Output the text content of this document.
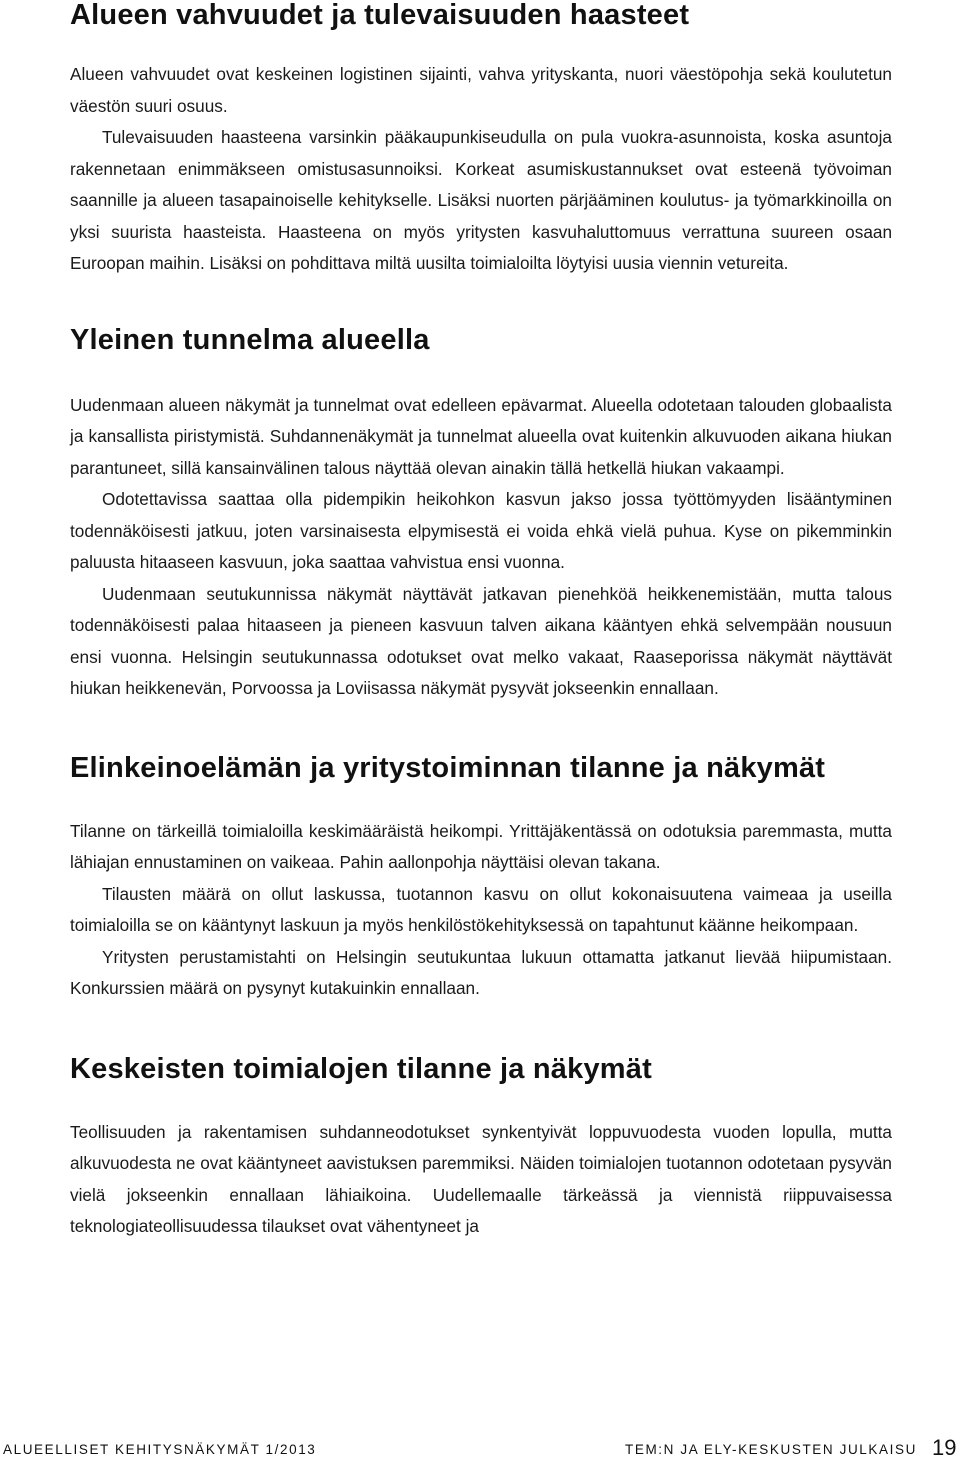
Alueen vahvuudet ja tulevaisuuden haasteet

Alueen vahvuudet ovat keskeinen logistinen sijainti, vahva yrityskanta, nuori väestöpohja sekä koulutetun väestön suuri osuus.

Tulevaisuuden haasteena varsinkin pääkaupunkiseudulla on pula vuokra-asunnoista, koska asuntoja rakennetaan enimmäkseen omistusasunnoiksi. Korkeat asumiskustannukset ovat esteenä työvoiman saannille ja alueen tasapainoiselle kehitykselle. Lisäksi nuorten pärjääminen koulutus- ja työmarkkinoilla on yksi suurista haasteista. Haasteena on myös yritysten kasvuhaluttomuus verrattuna suureen osaan Euroopan maihin. Lisäksi on pohdittava miltä uusilta toimialoilta löytyisi uusia viennin vetureita.

Yleinen tunnelma alueella

Uudenmaan alueen näkymät ja tunnelmat ovat edelleen epävarmat. Alueella odotetaan talouden globaalista ja kansallista piristymistä. Suhdannenäkymät ja tunnelmat alueella ovat kuitenkin alkuvuoden aikana hiukan parantuneet, sillä kansainvälinen talous näyttää olevan ainakin tällä hetkellä hiukan vakaampi.

Odotettavissa saattaa olla pidempikin heikohkon kasvun jakso jossa työttömyyden lisääntyminen todennäköisesti jatkuu, joten varsinaisesta elpymisestä ei voida ehkä vielä puhua. Kyse on pikemminkin paluusta hitaaseen kasvuun, joka saattaa vahvistua ensi vuonna.

Uudenmaan seutukunnissa näkymät näyttävät jatkavan pienehköä heikkenemistään, mutta talous todennäköisesti palaa hitaaseen ja pieneen kasvuun talven aikana kääntyen ehkä selvempään nousuun ensi vuonna. Helsingin seutukunnassa odotukset ovat melko vakaat, Raaseporissa näkymät näyttävät hiukan heikkenevän, Porvoossa ja Loviisassa näkymät pysyvät jokseenkin ennallaan.

Elinkeinoelämän ja yritystoiminnan tilanne ja näkymät

Tilanne on tärkeillä toimialoilla keskimääräistä heikompi. Yrittäjäkentässä on odotuksia paremmasta, mutta lähiajan ennustaminen on vaikeaa. Pahin aallonpohja näyttäisi olevan takana.

Tilausten määrä on ollut laskussa, tuotannon kasvu on ollut kokonaisuutena vaimeaa ja useilla toimialoilla se on kääntynyt laskuun ja myös henkilöstökehityksessä on tapahtunut käänne heikompaan.

Yritysten perustamistahti on Helsingin seutukuntaa lukuun ottamatta jatkanut lievää hiipumistaan. Konkurssien määrä on pysynyt kutakuinkin ennallaan.

Keskeisten toimialojen tilanne ja näkymät

Teollisuuden ja rakentamisen suhdanneodotukset synkentyivät loppuvuodesta vuoden lopulla, mutta alkuvuodesta ne ovat kääntyneet aavistuksen paremmiksi. Näiden toimialojen tuotannon odotetaan pysyvän vielä jokseenkin ennallaan lähiaikoina. Uudellemaalle tärkeässä ja viennistä riippuvaisessa teknologiateollisuudessa tilaukset ovat vähentyneet ja

ALUEELLISET KEHITYSNÄKYMÄT 1/2013	TEM:N JA ELY-KESKUSTEN JULKAISU 19
